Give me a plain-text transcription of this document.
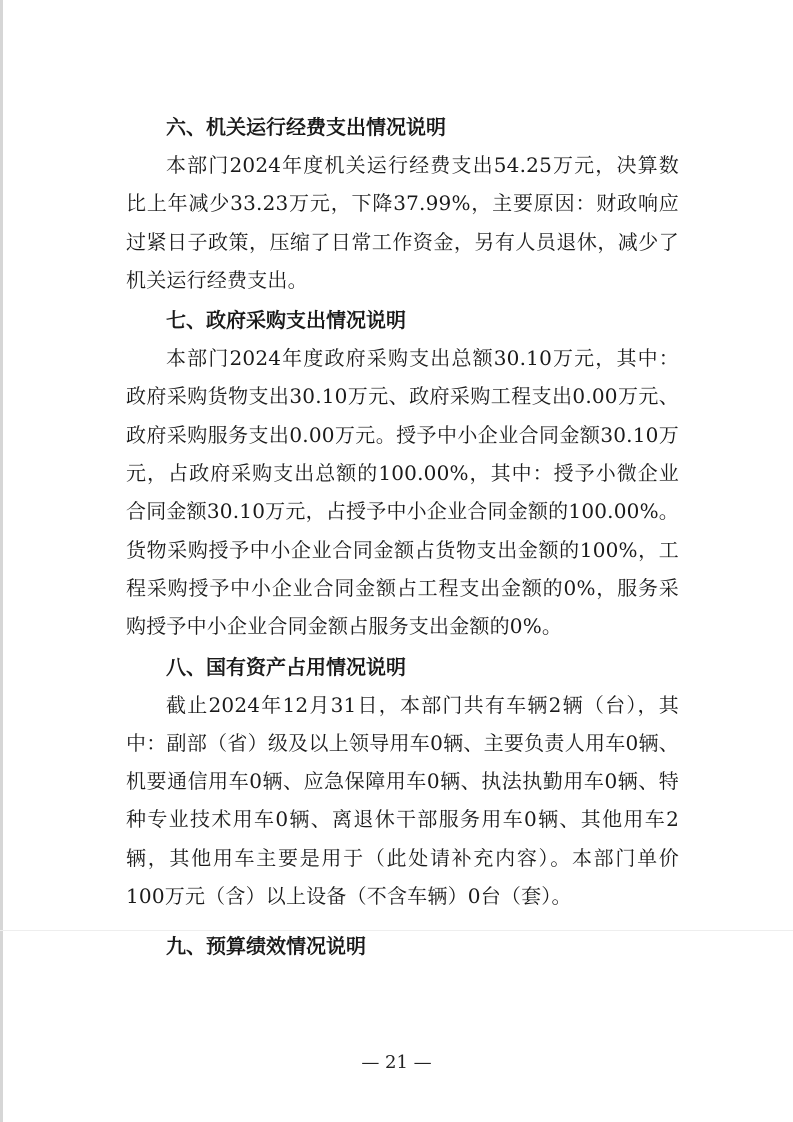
六、机关运行经费支出情况说明

本部门2024年度机关运行经费支出54.25万元，决算数比上年减少33.23万元，下降37.99%，主要原因：财政响应过紧日子政策，压缩了日常工作资金，另有人员退休，减少了机关运行经费支出。

七、政府采购支出情况说明

本部门2024年度政府采购支出总额30.10万元，其中：政府采购货物支出30.10万元、政府采购工程支出0.00万元、政府采购服务支出0.00万元。授予中小企业合同金额30.10万元，占政府采购支出总额的100.00%，其中：授予小微企业合同金额30.10万元，占授予中小企业合同金额的100.00%。货物采购授予中小企业合同金额占货物支出金额的100%，工程采购授予中小企业合同金额占工程支出金额的0%，服务采购授予中小企业合同金额占服务支出金额的0%。

八、国有资产占用情况说明

截止2024年12月31日，本部门共有车辆2辆（台），其中：副部（省）级及以上领导用车0辆、主要负责人用车0辆、机要通信用车0辆、应急保障用车0辆、执法执勤用车0辆、特种专业技术用车0辆、离退休干部服务用车0辆、其他用车2辆，其他用车主要是用于（此处请补充内容）。本部门单价100万元（含）以上设备（不含车辆）0台（套）。

九、预算绩效情况说明
— 21 —
